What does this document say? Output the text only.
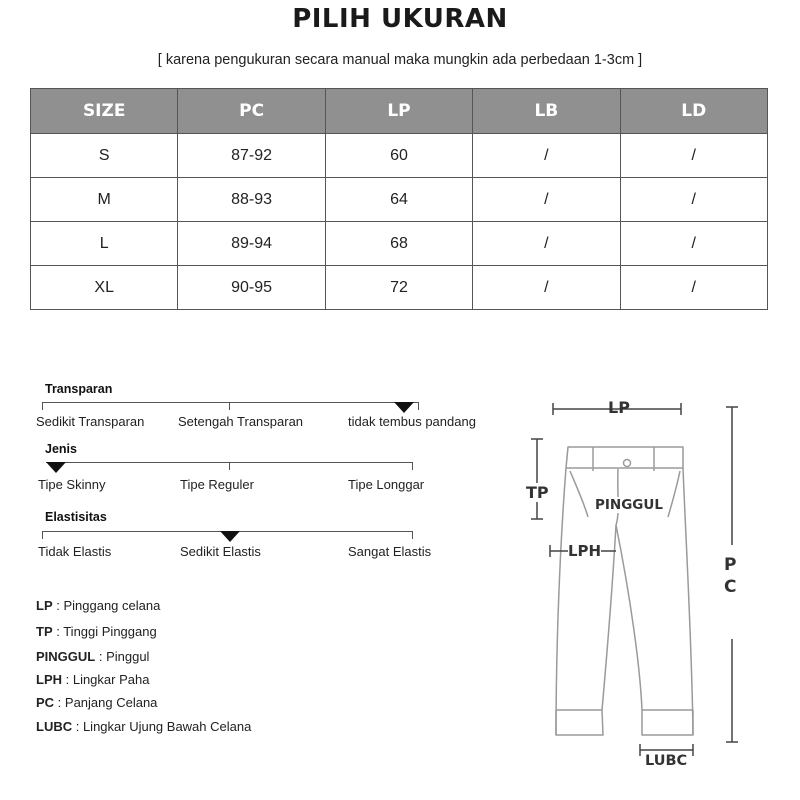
PILIH UKURAN
[ karena pengukuran secara manual maka mungkin ada perbedaan 1-3cm ]
SIZE	PC	LP	LB	LD
S	87-92	60	/	/
M	88-93	64	/	/
L	89-94	68	/	/
XL	90-95	72	/	/
Transparan
Sedikit Transparan	Setengah Transparan	tidak tembus pandang
Jenis
Tipe Skinny	Tipe Reguler	Tipe Longgar
Elastisitas
Tidak Elastis	Sedikit Elastis	Sangat Elastis
LP : Pinggang celana
TP : Tinggi Pinggang
PINGGUL : Pinggul
LPH : Lingkar Paha
PC : Panjang Celana
LUBC : Lingkar Ujung Bawah Celana
LP
TP
PINGGUL
LPH
P
C
LUBC
